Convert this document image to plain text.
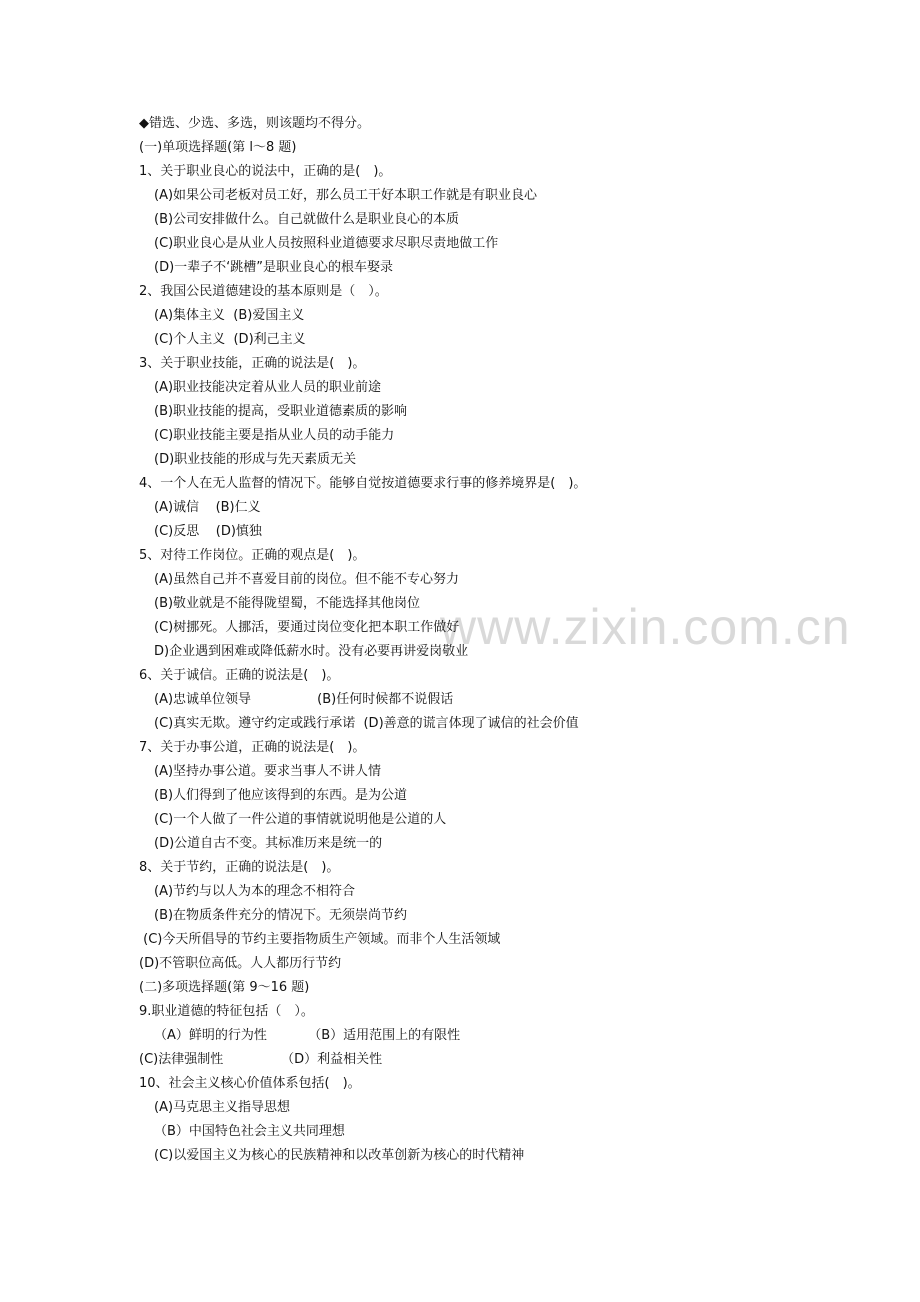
www.zixin.com.cn
◆错选、少选、多选，则该题均不得分。
(一)单项选择题(第 l～8 题)
1、关于职业良心的说法中，正确的是(　)。
(A)如果公司老板对员工好，那么员工干好本职工作就是有职业良心
(B)公司安排做什么。自己就做什么是职业良心的本质
(C)职业良心是从业人员按照科业道德要求尽职尽责地做工作
(D)一辈子不‘跳槽”是职业良心的根车娶录
2、我国公民道德建设的基本原则是（　）。
(A)集体主义  (B)爱国主义
(C)个人主义  (D)利己主义
3、关于职业技能，正确的说法是(　)。
(A)职业技能决定着从业人员的职业前途
(B)职业技能的提高，受职业道德素质的影响
(C)职业技能主要是指从业人员的动手能力
(D)职业技能的形成与先天素质无关
4、一个人在无人监督的情况下。能够自觉按道德要求行事的修养境界是(　)。
(A)诚信    (B)仁义
(C)反思    (D)慎独
5、对待工作岗位。正确的观点是(　)。
(A)虽然自己并不喜爱目前的岗位。但不能不专心努力
(B)敬业就是不能得陇望蜀，不能选择其他岗位
(C)树挪死。人挪活，要通过岗位变化把本职工作做好
D)企业遇到困难或降低薪水时。没有必要再讲爱岗敬业
6、关于诚信。正确的说法是(　)。
(A)忠诚单位领导                (B)任何时候都不说假话
(C)真实无欺。遵守约定或践行承诺  (D)善意的谎言体现了诚信的社会价值
7、关于办事公道，正确的说法是(　)。
(A)坚持办事公道。要求当事人不讲人情
(B)人们得到了他应该得到的东西。是为公道
(C)一个人做了一件公道的事情就说明他是公道的人
(D)公道自古不变。其标准历来是统一的
8、关于节约，正确的说法是(　)。
(A)节约与以人为本的理念不相符合
(B)在物质条件充分的情况下。无须崇尚节约
(C)今天所倡导的节约主要指物质生产领域。而非个人生活领域
(D)不管职位高低。人人都历行节约
(二)多项选择题(第 9～16 题)
9.职业道德的特征包括（　）。
（A）鲜明的行为性          （B）适用范围上的有限性
(C)法律强制性              （D）利益相关性
10、社会主义核心价值体系包括(　)。
(A)马克思主义指导思想
（B）中国特色社会主义共同理想
(C)以爱国主义为核心的民族精神和以改革创新为核心的时代精神
